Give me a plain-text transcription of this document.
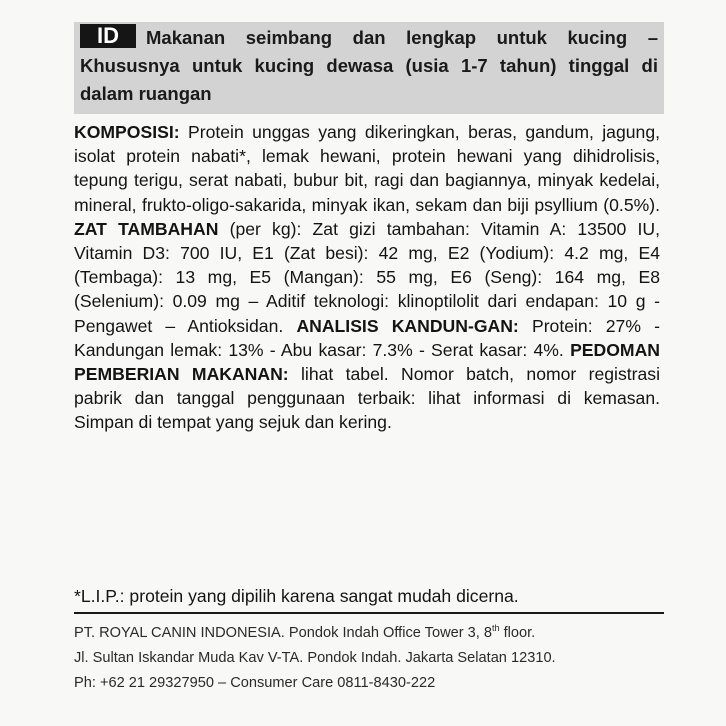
ID	Makanan seimbang dan lengkap untuk kucing – Khususnya untuk kucing dewasa (usia 1-7 tahun) tinggal di dalam ruangan

KOMPOSISI: Protein unggas yang dikeringkan, beras, gandum, jagung, isolat protein nabati*, lemak hewani, protein hewani yang dihidrolisis, tepung terigu, serat nabati, bubur bit, ragi dan bagiannya, minyak kedelai, mineral, frukto-oligo-sakarida, minyak ikan, sekam dan biji psyllium (0.5%). ZAT TAMBAHAN (per kg): Zat gizi tambahan: Vitamin A: 13500 IU, Vitamin D3: 700 IU, E1 (Zat besi): 42 mg, E2 (Yodium): 4.2 mg, E4 (Tembaga): 13 mg, E5 (Mangan): 55 mg, E6 (Seng): 164 mg, E8 (Selenium): 0.09 mg – Aditif teknologi: klinoptilolit dari endapan: 10 g - Pengawet – Antioksidan. ANALISIS KANDUN-GAN: Protein: 27% - Kandungan lemak: 13% - Abu kasar: 7.3% - Serat kasar: 4%. PEDOMAN PEMBERIAN MAKANAN: lihat tabel. Nomor batch, nomor registrasi pabrik dan tanggal penggunaan terbaik: lihat informasi di kemasan. Simpan di tempat yang sejuk dan kering.

*L.I.P.: protein yang dipilih karena sangat mudah dicerna.

PT. ROYAL CANIN INDONESIA. Pondok Indah Office Tower 3, 8th floor.
Jl. Sultan Iskandar Muda Kav V-TA. Pondok Indah. Jakarta Selatan 12310.
Ph: +62 21 29327950 – Consumer Care 0811-8430-222
